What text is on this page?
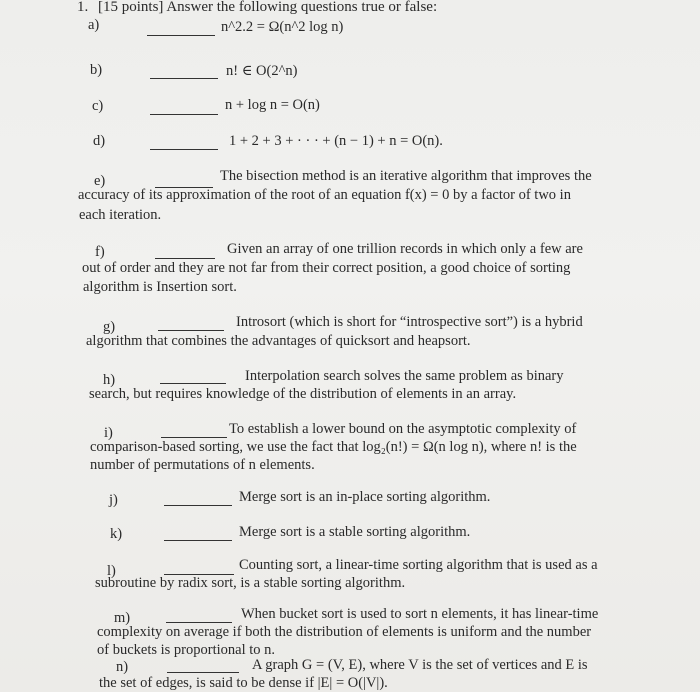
1. [15 points] Answer the following questions true or false:
a)	n^2.2 = Ω(n^2 log n)
b)	n! ∈ O(2^n)
c)	n + log n = O(n)
d)	1 + 2 + 3 + · · · + (n − 1) + n = O(n).
e)	The bisection method is an iterative algorithm that improves the
accuracy of its approximation of the root of an equation f(x) = 0 by a factor of two in
each iteration.
f)	Given an array of one trillion records in which only a few are
out of order and they are not far from their correct position, a good choice of sorting
algorithm is Insertion sort.
g)	Introsort (which is short for “introspective sort”) is a hybrid
algorithm that combines the advantages of quicksort and heapsort.
h)	Interpolation search solves the same problem as binary
search, but requires knowledge of the distribution of elements in an array.
i)	To establish a lower bound on the asymptotic complexity of
comparison-based sorting, we use the fact that log₂(n!) = Ω(n log n), where n! is the
number of permutations of n elements.
j)	Merge sort is an in-place sorting algorithm.
k)	Merge sort is a stable sorting algorithm.
l)	Counting sort, a linear-time sorting algorithm that is used as a
subroutine by radix sort, is a stable sorting algorithm.
m)	When bucket sort is used to sort n elements, it has linear-time
complexity on average if both the distribution of elements is uniform and the number
of buckets is proportional to n.
n)	A graph G = (V, E), where V is the set of vertices and E is
the set of edges, is said to be dense if |E| = O(|V|).
